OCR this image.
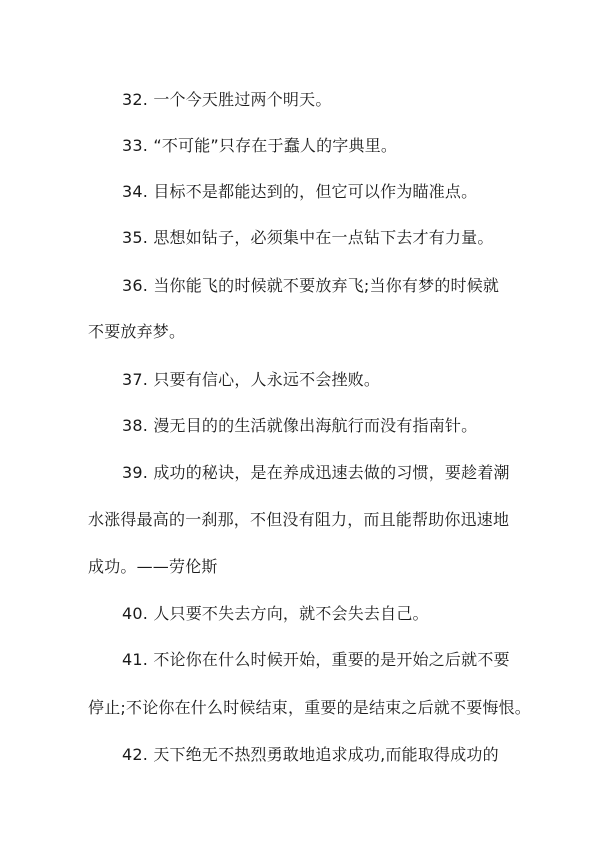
32. 一个今天胜过两个明天。
33. “不可能”只存在于蠢人的字典里。
34. 目标不是都能达到的，但它可以作为瞄准点。
35. 思想如钻子，必须集中在一点钻下去才有力量。
36. 当你能飞的时候就不要放弃飞;当你有梦的时候就
不要放弃梦。
37. 只要有信心，人永远不会挫败。
38. 漫无目的的生活就像出海航行而没有指南针。
39. 成功的秘诀，是在养成迅速去做的习惯，要趁着潮
水涨得最高的一刹那，不但没有阻力，而且能帮助你迅速地
成功。——劳伦斯
40. 人只要不失去方向，就不会失去自己。
41. 不论你在什么时候开始，重要的是开始之后就不要
停止;不论你在什么时候结束，重要的是结束之后就不要悔恨。
42. 天下绝无不热烈勇敢地追求成功,而能取得成功的
